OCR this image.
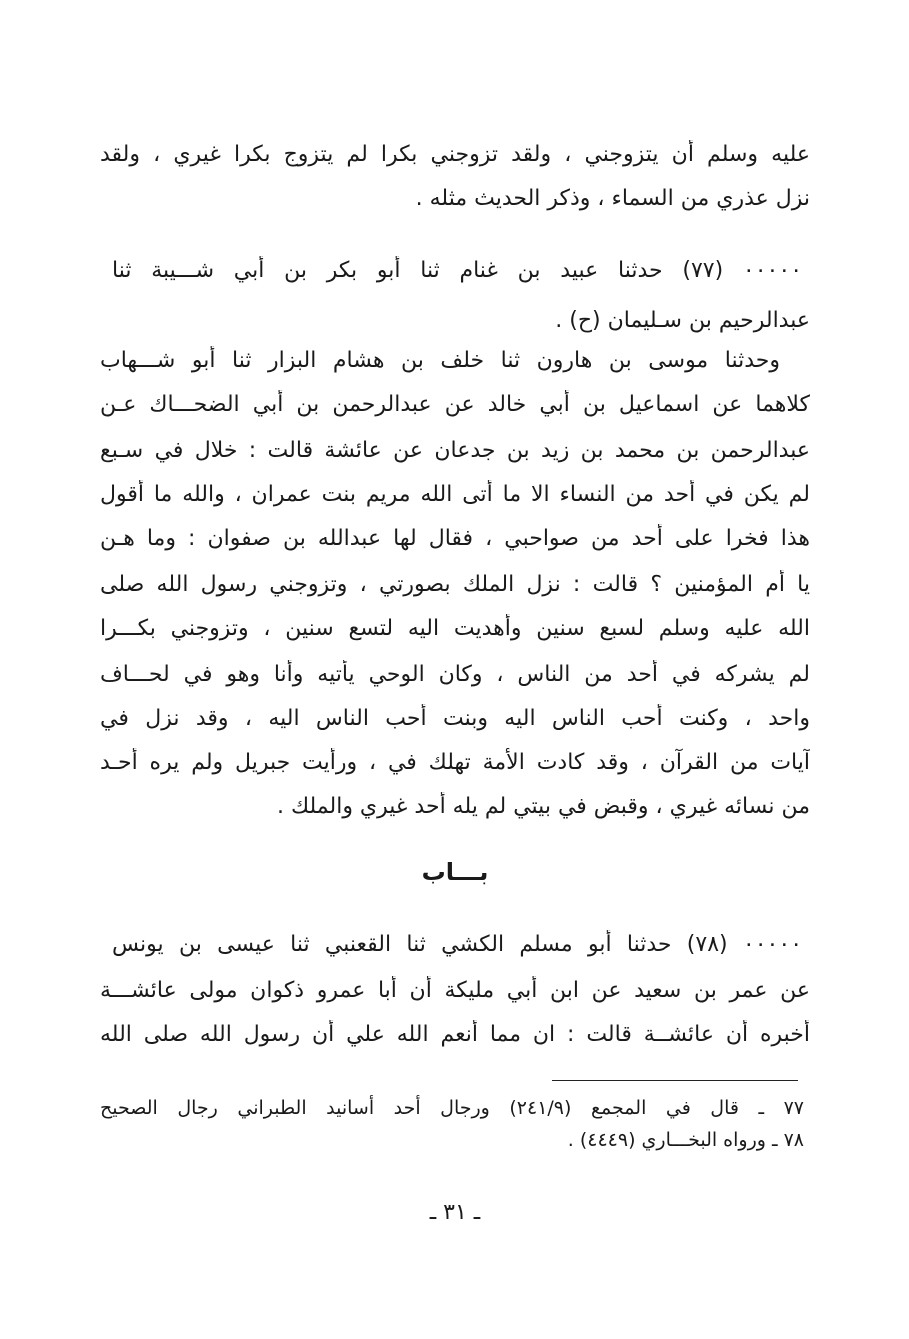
عليه وسلم أن يتزوجني ، ولقد تزوجني بكرا لم يتزوج بكرا غيري ، ولقد
نزل عذري من السماء ، وذكر الحديث مثله .
٠٠٠٠٠ (٧٧) حدثنا عبيد بن غنام ثنا أبو بكر بن أبي شـــيبة ثنا
عبدالرحيم بن سـليمان (ح) .
وحدثنا موسى بن هارون ثنا خلف بن هشام البزار ثنا أبو شـــهاب
كلاهما عن اسماعيل بن أبي خالد عن عبدالرحمن بن أبي الضحـــاك عـن
عبدالرحمن بن محمد بن زيد بن جدعان عن عائشة قالت : خلال في سـبع
لم يكن في أحد من النساء الا ما أتى الله مريم بنت عمران ، والله ما أقول
هذا فخرا على أحد من صواحبي ، فقال لها عبدالله بن صفوان : وما هـن
يا أم المؤمنين ؟ قالت : نزل الملك بصورتي ، وتزوجني رسول الله صلى
الله عليه وسلم لسبع سنين وأهديت اليه لتسع سنين ، وتزوجني بكـــرا
لم يشركه في أحد من الناس ، وكان الوحي يأتيه وأنا وهو في لحـــاف
واحد ، وكنت أحب الناس اليه وبنت أحب الناس اليه ، وقد نزل في
آيات من القرآن ، وقد كادت الأمة تهلك في ، ورأيت جبريل ولم يره أحـد
من نسائه غيري ، وقبض في بيتي لم يله أحد غيري والملك .
بـــاب
٠٠٠٠٠ (٧٨) حدثنا أبو مسلم الكشي ثنا القعنبي ثنا عيسى بن يونس
عن عمر بن سعيد عن ابن أبي مليكة أن أبا عمرو ذكوان مولى عائشـــة
أخبره أن عائشــة قالت : ان مما أنعم الله علي أن رسول الله صلى الله
٧٧ ـ قال في المجمع (٢٤١/٩) ورجال أحد أسانيد الطبراني رجال الصحيح
٧٨ ـ ورواه البخـــاري (٤٤٤٩) .
ـ ٣١ ـ
